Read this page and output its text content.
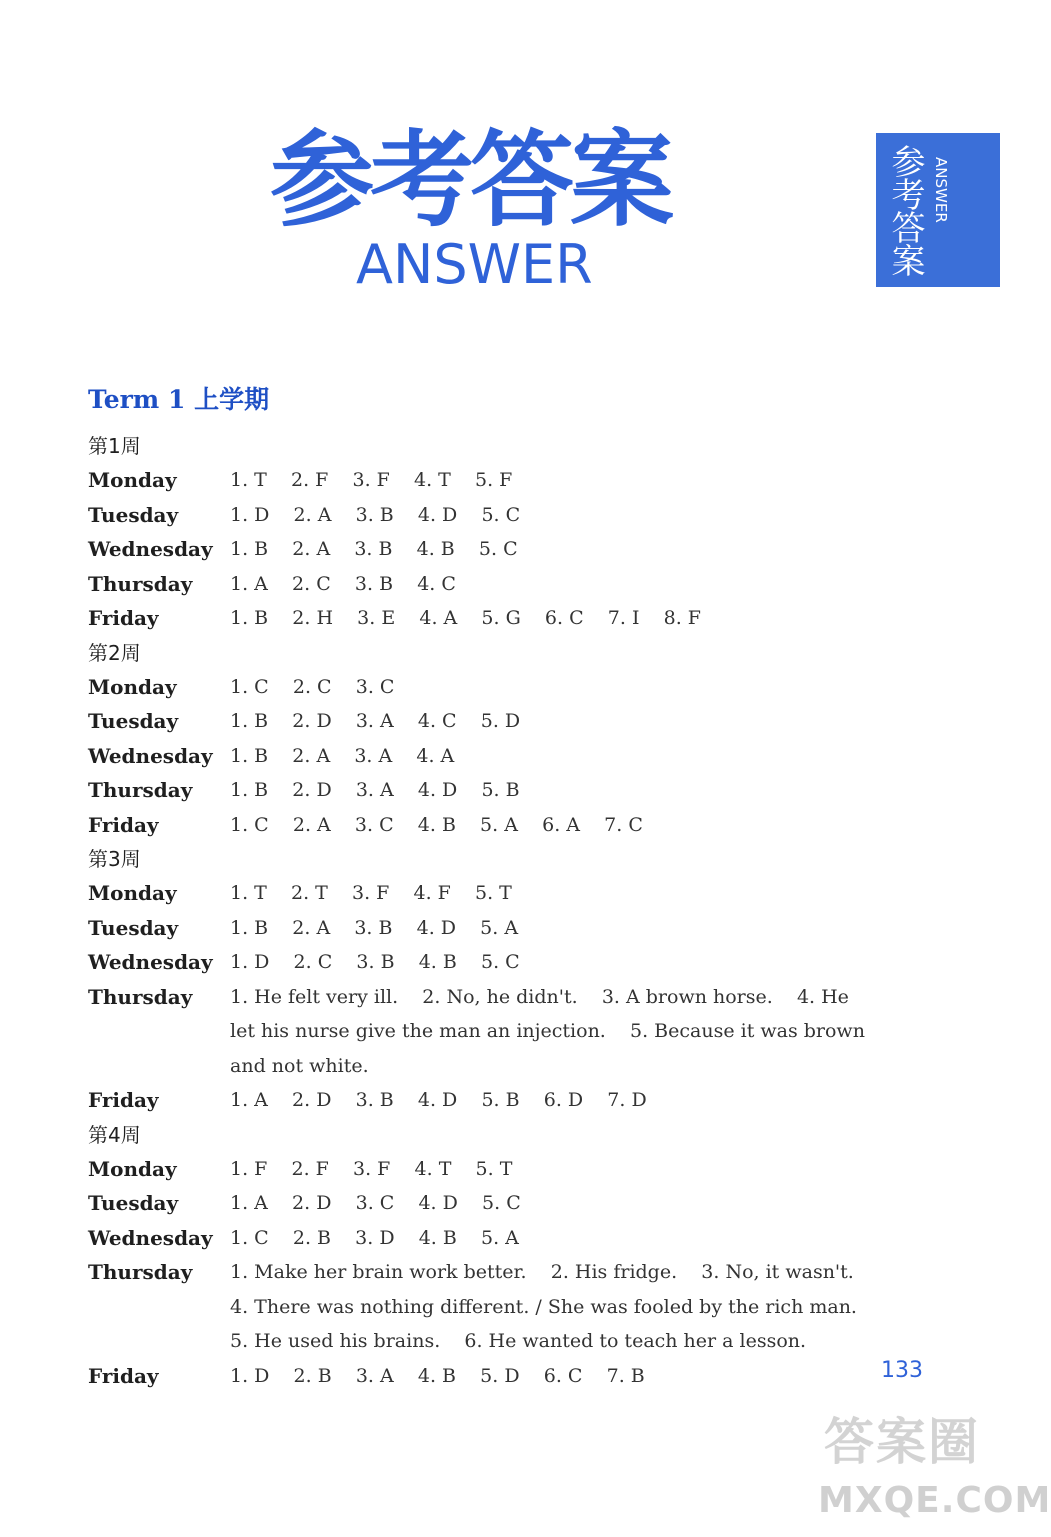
参考答案
ANSWER	参考答案 ANSWER
Term 1 上学期
第1周
Monday	1. T    2. F    3. F    4. T    5. F
Tuesday	1. D    2. A    3. B    4. D    5. C
Wednesday 1. B    2. A    3. B    4. B    5. C
Thursday	1. A    2. C    3. B    4. C
Friday	1. B    2. H    3. E    4. A    5. G    6. C    7. I    8. F
第2周
Monday	1. C    2. C    3. C
Tuesday	1. B    2. D    3. A    4. C    5. D
Wednesday 1. B    2. A    3. A    4. A
Thursday	1. B    2. D    3. A    4. D    5. B
Friday	1. C    2. A    3. C    4. B    5. A    6. A    7. C
第3周
Monday	1. T    2. T    3. F    4. F    5. T
Tuesday	1. B    2. A    3. B    4. D    5. A
Wednesday 1. D    2. C    3. B    4. B    5. C
Thursday	1. He felt very ill.    2. No, he didn't.    3. A brown horse.    4. He let his nurse give the man an injection.    5. Because it was brown and not white.
Friday	1. A    2. D    3. B    4. D    5. B    6. D    7. D
第4周
Monday	1. F    2. F    3. F    4. T    5. T
Tuesday	1. A    2. D    3. C    4. D    5. C
Wednesday 1. C    2. B    3. D    4. B    5. A
Thursday	1. Make her brain work better.    2. His fridge.    3. No, it wasn't.
4. There was nothing different. / She was fooled by the rich man.
5. He used his brains.    6. He wanted to teach her a lesson.
Friday	1. D    2. B    3. A    4. B    5. D    6. C    7. B	133
答案圈
MXQE.COM
